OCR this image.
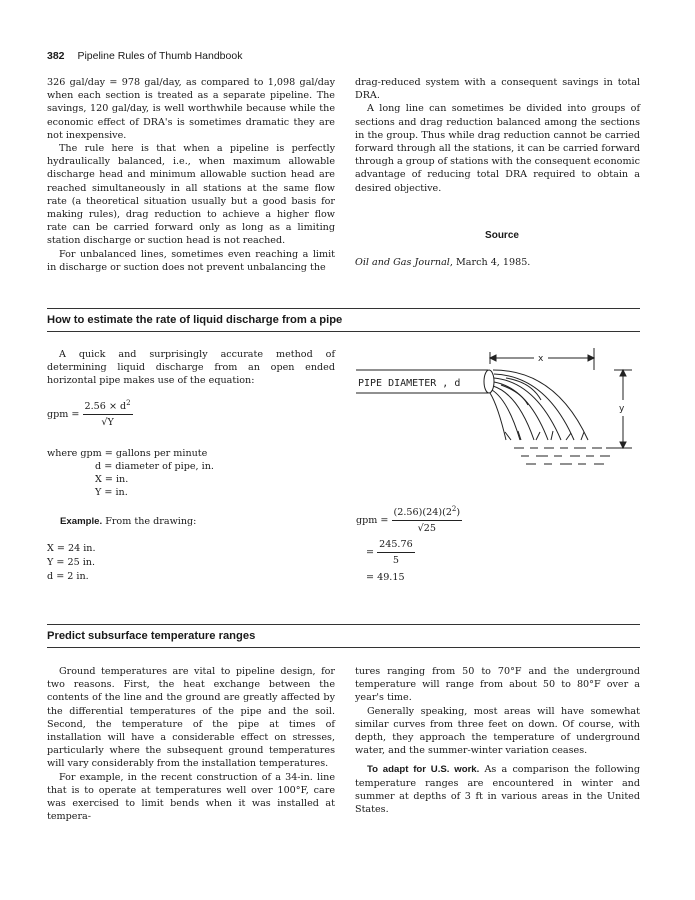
382 Pipeline Rules of Thumb Handbook

326 gal/day = 978 gal/day, as compared to 1,098 gal/day when each section is treated as a separate pipeline. The savings, 120 gal/day, is well worthwhile because while the economic effect of DRA's is sometimes dramatic they are not inexpensive.

The rule here is that when a pipeline is perfectly hydraulically balanced, i.e., when maximum allowable discharge head and minimum allowable suction head are reached simultaneously in all stations at the same flow rate (a theoretical situation usually but a good basis for making rules), drag reduction to achieve a higher flow rate can be carried forward only as long as a limiting station discharge or suction head is not reached.

For unbalanced lines, sometimes even reaching a limit in discharge or suction does not prevent unbalancing the

drag-reduced system with a consequent savings in total DRA.

A long line can sometimes be divided into groups of sections and drag reduction balanced among the sections in the group. Thus while drag reduction cannot be carried forward through all the stations, it can be carried forward through a group of stations with the consequent economic advantage of reducing total DRA required to obtain a desired objective.

Source
Oil and Gas Journal, March 4, 1985.
How to estimate the rate of liquid discharge from a pipe

A quick and surprisingly accurate method of determining liquid discharge from an open ended horizontal pipe makes use of the equation:

gpm = $\frac{2.56 \times d^2}{√Y}$
where gpm = gallons per minute
d = diameter of pipe, in.
X = in.
Y = in.
Example. From the drawing:
X = 24 in.
Y = 25 in.
d = 2 in.
gpm = $\frac{(2.56)(24)(2^2)}{√25}$
= $\frac{245.76}{5}$
= 49.15
PIPE DIAMETER , d
x
y
Predict subsurface temperature ranges

Ground temperatures are vital to pipeline design, for two reasons. First, the heat exchange between the contents of the line and the ground are greatly affected by the differential temperatures of the pipe and the soil. Second, the temperature of the pipe at times of installation will have a considerable effect on stresses, particularly where the subsequent ground temperatures will vary considerably from the installation temperatures.

For example, in the recent construction of a 34-in. line that is to operate at temperatures well over 100°F, care was exercised to limit bends when it was installed at tempera-

tures ranging from 50 to 70°F and the underground temperature will range from about 50 to 80°F over a year's time.

Generally speaking, most areas will have somewhat similar curves from three feet on down. Of course, with depth, they approach the temperature of underground water, and the summer-winter variation ceases.

To adapt for U.S. work. As a comparison the following temperature ranges are encountered in winter and summer at depths of 3 ft in various areas in the United States.
